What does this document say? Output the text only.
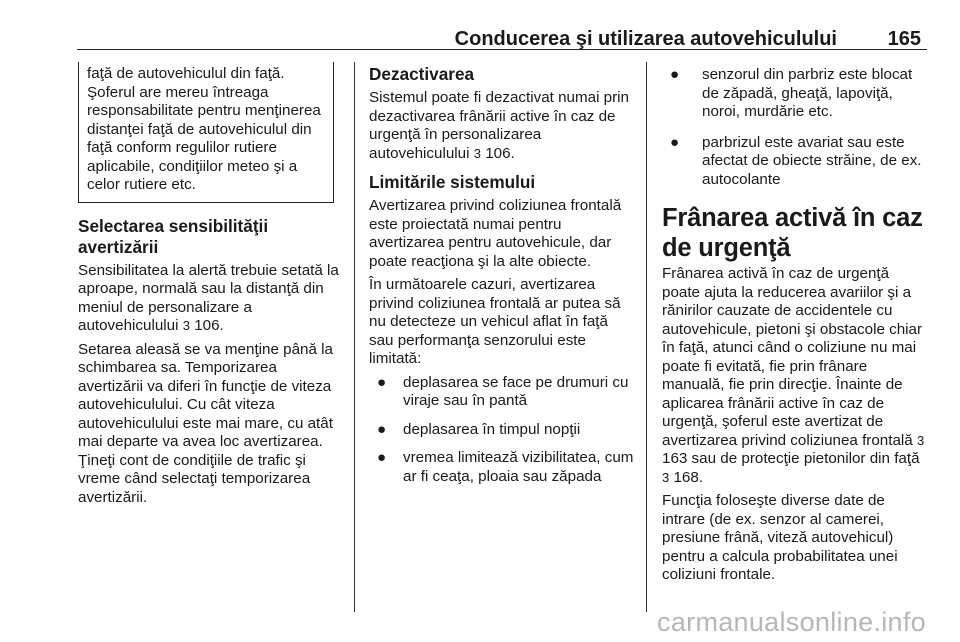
Conducerea şi utilizarea autovehiculului	165

faţă de autovehiculul din faţă. Şoferul are mereu întreaga responsabilitate pentru menţinerea distanţei faţă de autovehiculul din faţă conform regulilor rutiere aplicabile, condiţiilor meteo şi a celor rutiere etc.

Selectarea sensibilităţii avertizării

Sensibilitatea la alertă trebuie setată la aproape, normală sau la distanţă din meniul de personalizare a autovehiculului 3 106.

Setarea aleasă se va menţine până la schimbarea sa. Temporizarea avertizării va diferi în funcţie de viteza autovehiculului. Cu cât viteza autovehiculului este mai mare, cu atât mai departe va avea loc avertizarea. Ţineţi cont de condiţiile de trafic şi vreme când selectaţi temporizarea avertizării.

Dezactivarea

Sistemul poate fi dezactivat numai prin dezactivarea frânării active în caz de urgenţă în personalizarea autovehiculului 3 106.

Limitările sistemului

Avertizarea privind coliziunea frontală este proiectată numai pentru avertizarea pentru autovehicule, dar poate reacţiona şi la alte obiecte.

În următoarele cazuri, avertizarea privind coliziunea frontală ar putea să nu detecteze un vehicul aflat în faţă sau performanţa senzorului este limitată:

● deplasarea se face pe drumuri cu viraje sau în pantă
● deplasarea în timpul nopţii
● vremea limitează vizibilitatea, cum ar fi ceaţa, ploaia sau zăpada
● senzorul din parbriz este blocat de zăpadă, gheaţă, lapoviţă, noroi, murdărie etc.
● parbrizul este avariat sau este afectat de obiecte străine, de ex. autocolante
Frânarea activă în caz de urgenţă

Frânarea activă în caz de urgenţă poate ajuta la reducerea avariilor şi a rănirilor cauzate de accidentele cu autovehicule, pietoni şi obstacole chiar în faţă, atunci când o coliziune nu mai poate fi evitată, fie prin frânare manuală, fie prin direcţie. Înainte de aplicarea frânării active în caz de urgenţă, şoferul este avertizat de avertizarea privind coliziunea frontală 3 163 sau de protecţie pietonilor din faţă 3 168.

Funcţia foloseşte diverse date de intrare (de ex. senzor al camerei, presiune frână, viteză autovehicul) pentru a calcula probabilitatea unei coliziuni frontale.

carmanualsonline.info
